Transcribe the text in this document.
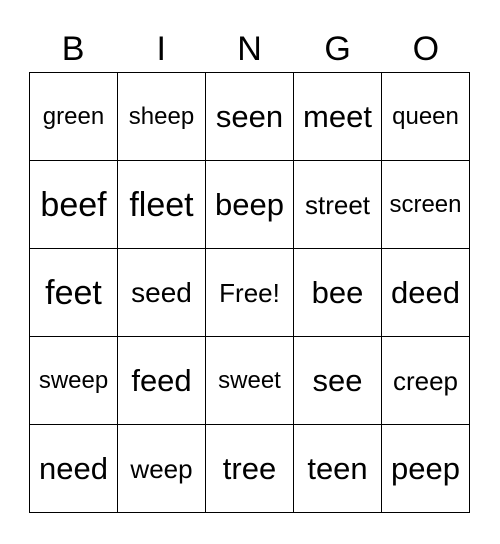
B	I	N	G	O
green	sheep seen meet queen
beef fleet beep street screen
feet	seed	Free!	bee deed
sweep feed	sweet	see	creep
need weep tree	teen peep
